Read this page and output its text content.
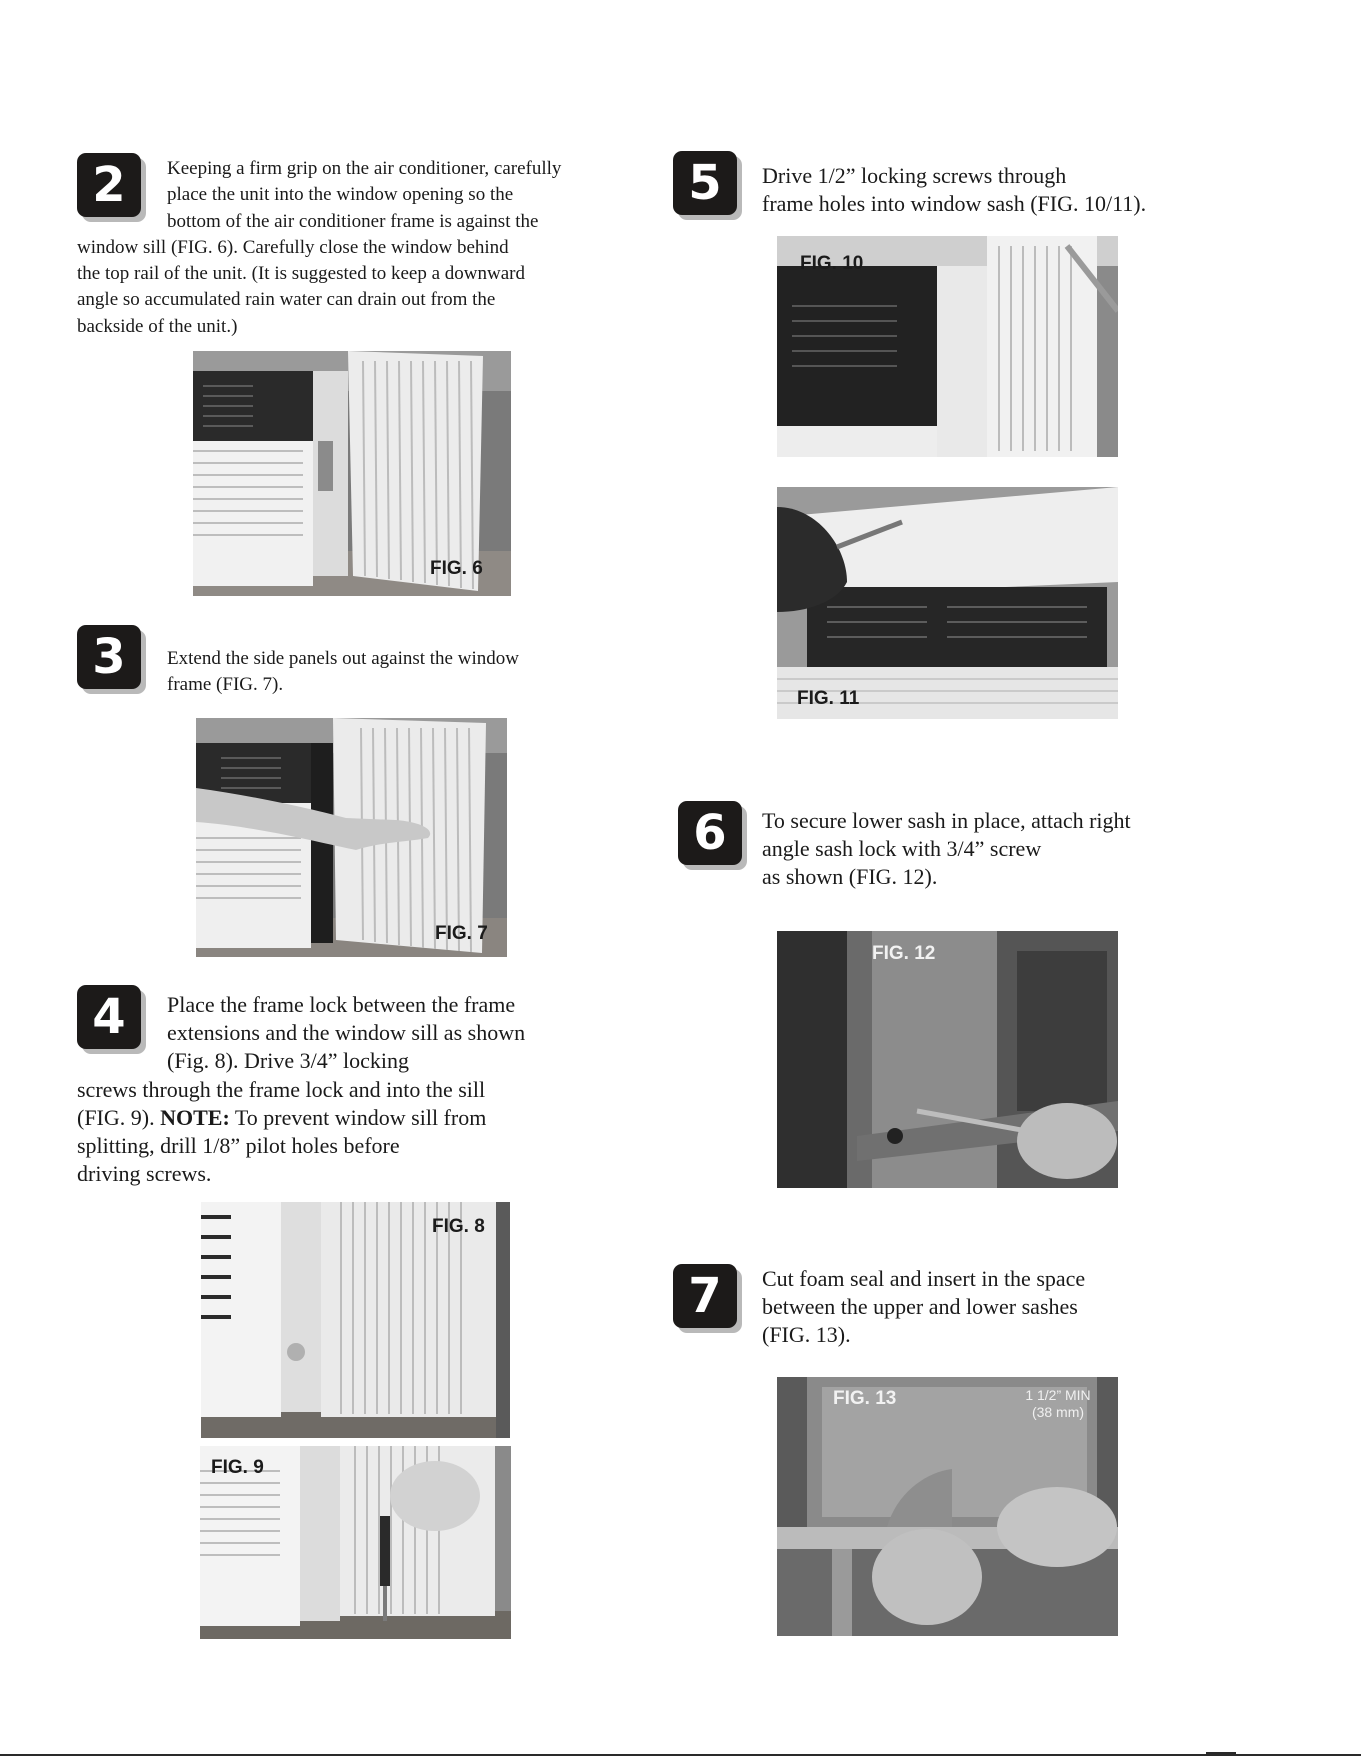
2	Keeping a firm grip on the air conditioner, carefully
place the unit into the window opening so the
bottom of the air conditioner frame is against the
window sill (FIG. 6). Carefully close the window behind
the top rail of the unit. (It is suggested to keep a downward
angle so accumulated rain water can drain out from the
backside of the unit.)
FIG. 6
3	Extend the side panels out against the window
frame (FIG. 7).
FIG. 7
4	Place the frame lock between the frame
extensions and the window sill as shown
(Fig. 8). Drive 3/4” locking
screws through the frame lock and into the sill
(FIG. 9). NOTE: To prevent window sill from
splitting, drill 1/8” pilot holes before
driving screws.
FIG. 8
FIG. 9
5	Drive 1/2” locking screws through
frame holes into window sash (FIG. 10/11).
FIG. 10
FIG. 11
6	To secure lower sash in place, attach right
angle sash lock with 3/4” screw
as shown (FIG. 12).
FIG. 12
7	Cut foam seal and insert in the space
between the upper and lower sashes
(FIG. 13).
FIG. 13	1 1/2” MIN
(38 mm)
